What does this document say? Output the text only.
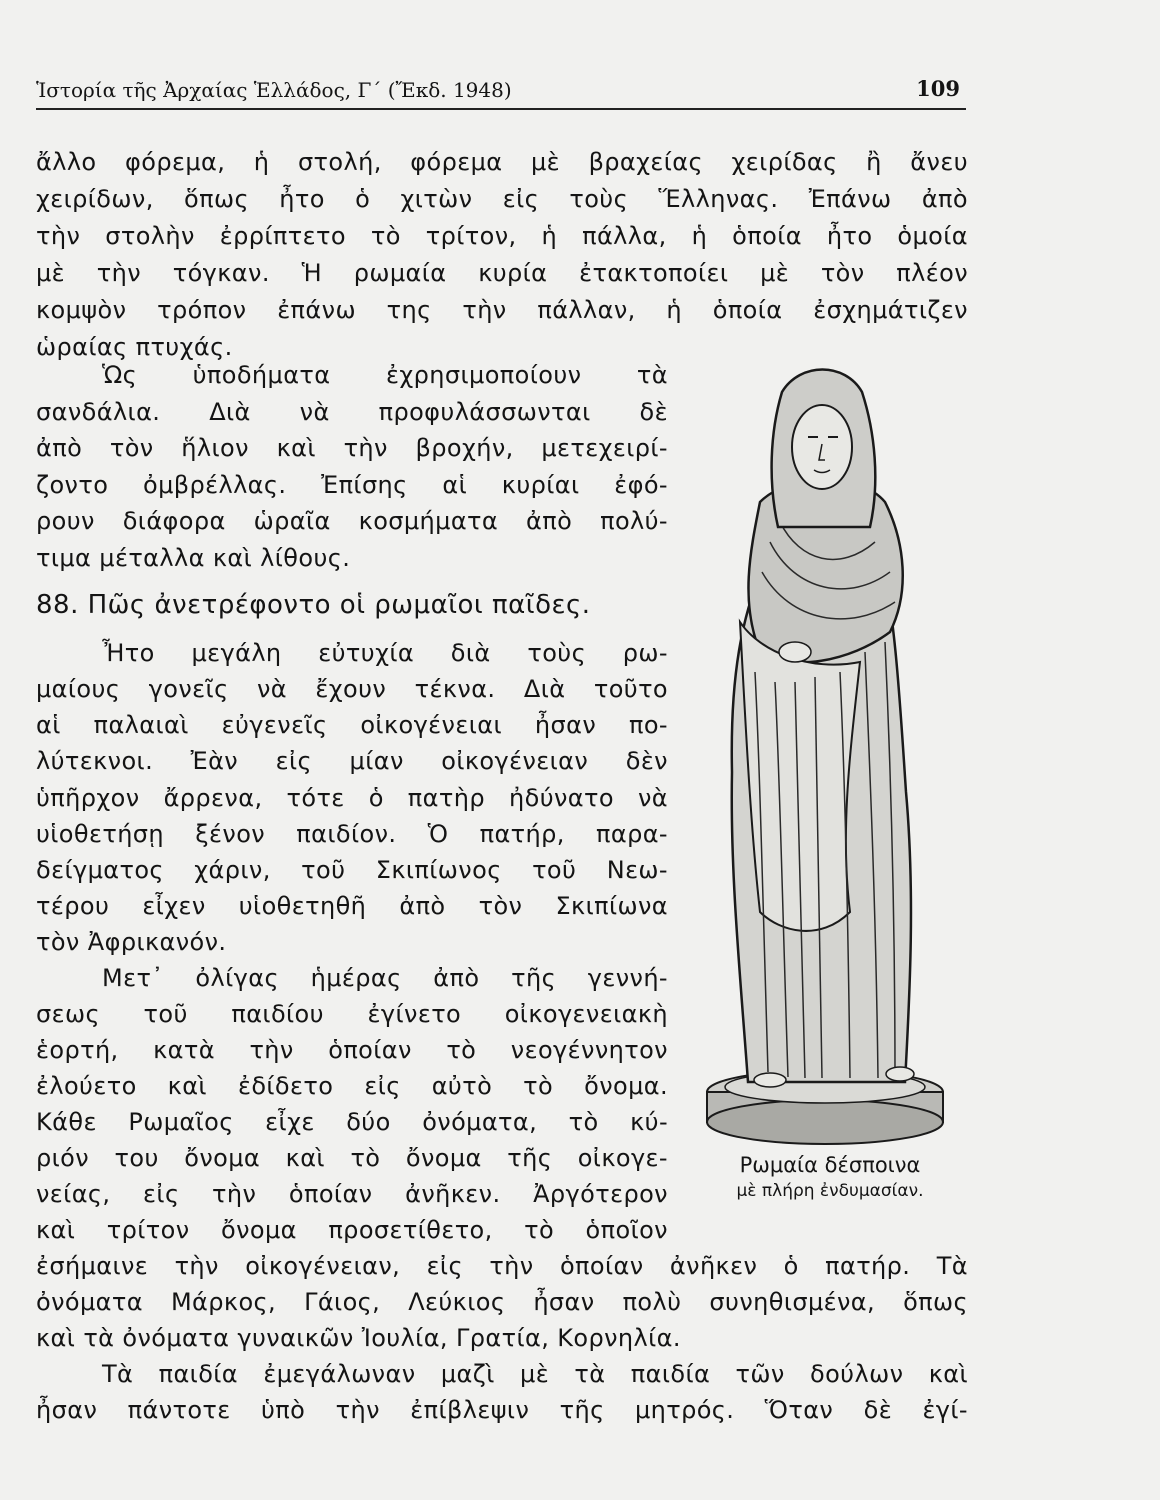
Ἱστορία τῆς Ἀρχαίας Ἑλλάδος, Γ΄ (Ἔκδ. 1948)	109
ἄλλο φόρεμα, ἡ στολή, φόρεμα μὲ βραχείας χειρίδας ἢ ἄνευ
χειρίδων, ὅπως ἦτο ὁ χιτὼν εἰς τοὺς Ἕλληνας. Ἐπάνω ἀπὸ
τὴν στολὴν ἐρρίπτετο τὸ τρίτον, ἡ πάλλα, ἡ ὁποία ἦτο ὁμοία
μὲ τὴν τόγκαν. Ἡ ρωμαία κυρία ἐτακτοποίει μὲ τὸν πλέον
κομψὸν τρόπον ἐπάνω της τὴν πάλλαν, ἡ ὁποία ἐσχημάτιζεν
ὡραίας πτυχάς.
Ὡς ὑποδήματα ἐχρησιμοποίουν τὰ
σανδάλια. Διὰ νὰ προφυλάσσωνται δὲ
ἀπὸ τὸν ἥλιον καὶ τὴν βροχήν, μετεχειρί-
ζοντο ὀμβρέλλας. Ἐπίσης αἱ κυρίαι ἐφό-
ρουν διάφορα ὡραῖα κοσμήματα ἀπὸ πολύ-
τιμα μέταλλα καὶ λίθους.
88. Πῶς ἀνετρέφοντο οἱ ρωμαῖοι παῖδες.
Ἦτο μεγάλη εὐτυχία διὰ τοὺς ρω-
μαίους γονεῖς νὰ ἔχουν τέκνα. Διὰ τοῦτο
αἱ παλαιαὶ εὐγενεῖς οἰκογένειαι ἦσαν πο-
λύτεκνοι. Ἐὰν εἰς μίαν οἰκογένειαν δὲν
ὑπῆρχον ἄρρενα, τότε ὁ πατὴρ ἠδύνατο νὰ
υἱοθετήσῃ ξένον παιδίον. Ὁ πατήρ, παρα-
δείγματος χάριν, τοῦ Σκιπίωνος τοῦ Νεω-
τέρου εἶχεν υἱοθετηθῆ ἀπὸ τὸν Σκιπίωνα
τὸν Ἀφρικανόν.
Μετ᾽ ὀλίγας ἡμέρας ἀπὸ τῆς γεννή-
σεως τοῦ παιδίου ἐγίνετο οἰκογενειακὴ
ἑορτή, κατὰ τὴν ὁποίαν τὸ νεογέννητον
ἐλούετο καὶ ἐδίδετο εἰς αὐτὸ τὸ ὄνομα.
Κάθε Ρωμαῖος εἶχε δύο ὀνόματα, τὸ κύ-
ριόν του ὄνομα καὶ τὸ ὄνομα τῆς οἰκογε-
νείας, εἰς τὴν ὁποίαν ἀνῆκεν. Ἀργότερον
καὶ τρίτον ὄνομα προσετίθετο, τὸ ὁποῖον
ἐσήμαινε τὴν οἰκογένειαν, εἰς τὴν ὁποίαν ἀνῆκεν ὁ πατήρ. Τὰ
ὀνόματα Μάρκος, Γάιος, Λεύκιος ἦσαν πολὺ συνηθισμένα, ὅπως
καὶ τὰ ὀνόματα γυναικῶν Ἰουλία, Γρατία, Κορνηλία.
Τὰ παιδία ἐμεγάλωναν μαζὶ μὲ τὰ παιδία τῶν δούλων καὶ
ἦσαν πάντοτε ὑπὸ τὴν ἐπίβλεψιν τῆς μητρός. Ὅταν δὲ ἐγί-
Ρωμαία δέσποινα
μὲ πλήρη ἐνδυμασίαν.
